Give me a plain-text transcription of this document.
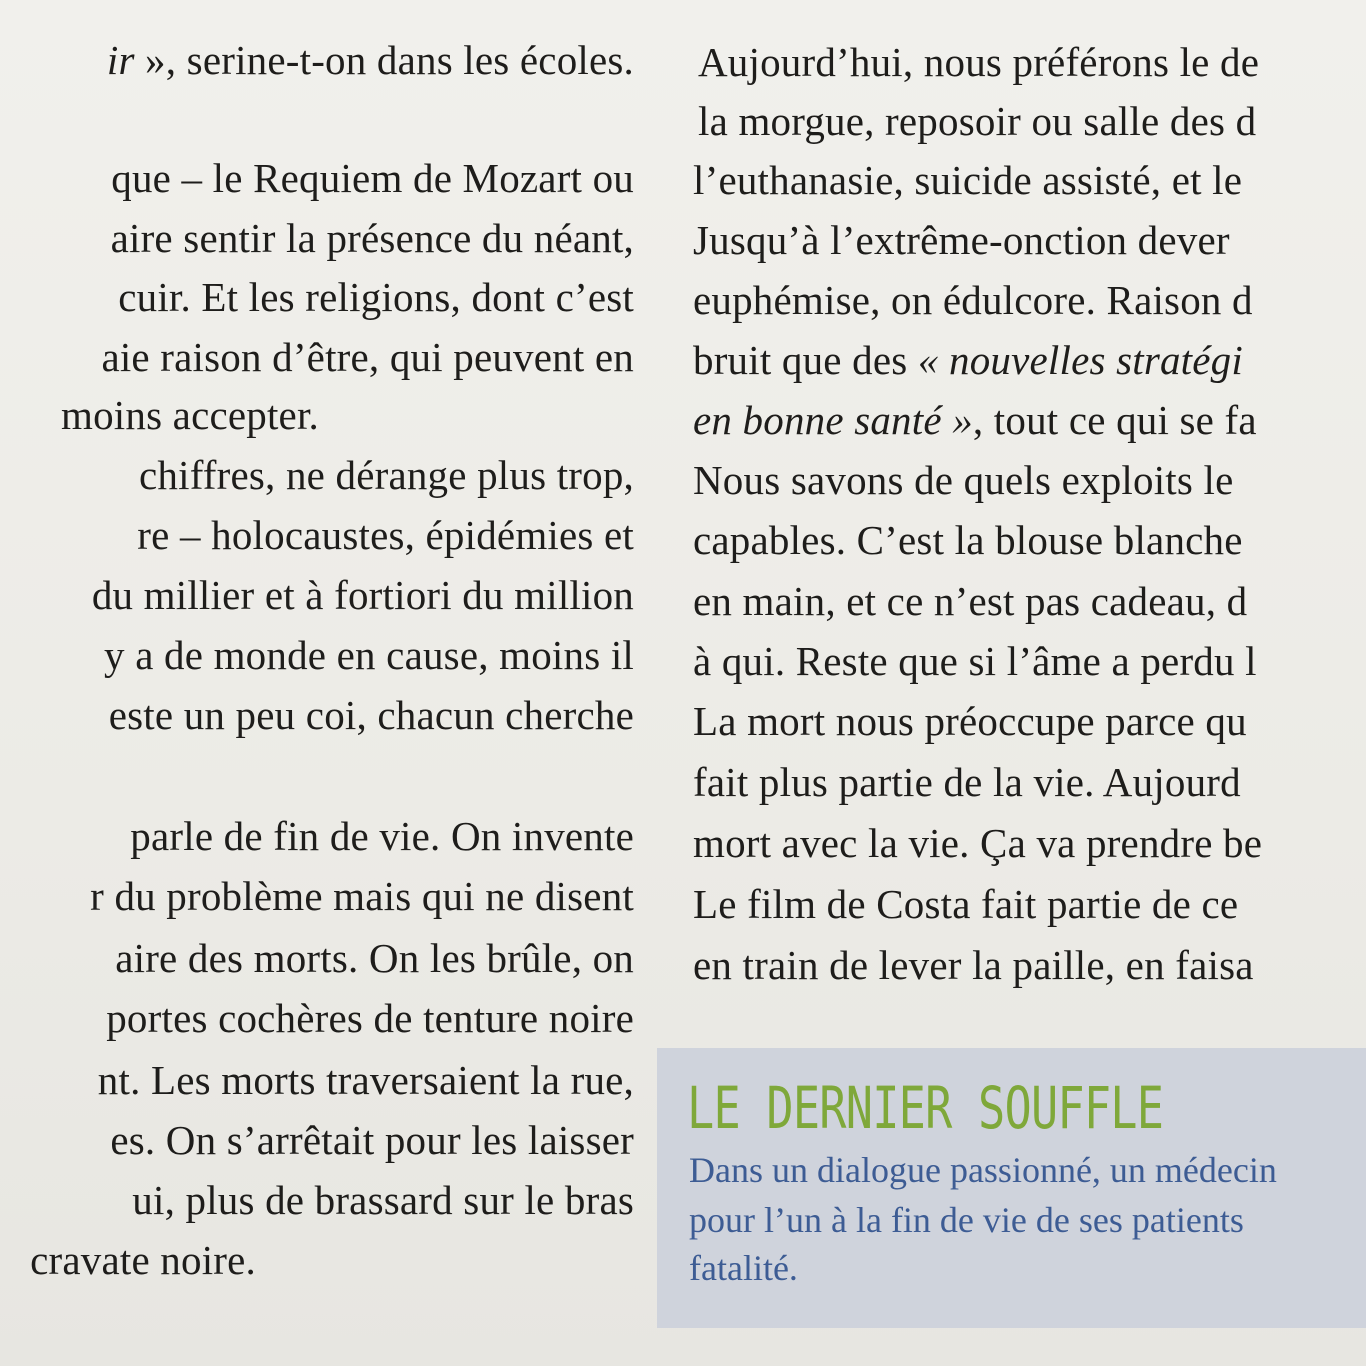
ir », serine-t-on dans les écoles.
que – le Requiem de Mozart ou
aire sentir la présence du néant,
cuir. Et les religions, dont c’est
aie raison d’être, qui peuvent en
moins accepter.
chiffres, ne dérange plus trop,
re – holocaustes, épidémies et
du millier et à fortiori du million
y a de monde en cause, moins il
este un peu coi, chacun cherche
parle de fin de vie. On invente
r du problème mais qui ne disent
aire des morts. On les brûle, on
portes cochères de tenture noire
nt. Les morts traversaient la rue,
es. On s’arrêtait pour les laisser
ui, plus de brassard sur le bras
cravate noire.
Aujourd’hui, nous préférons le de
la morgue, reposoir ou salle des d
l’euthanasie, suicide assisté, et le
Jusqu’à l’extrême-onction dever
euphémise, on édulcore. Raison d
bruit que des « nouvelles stratégi
en bonne santé », tout ce qui se fa
Nous savons de quels exploits le
capables. C’est la blouse blanche
en main, et ce n’est pas cadeau, d
à qui. Reste que si l’âme a perdu l
La mort nous préoccupe parce qu
fait plus partie de la vie. Aujourd
mort avec la vie. Ça va prendre be
Le film de Costa fait partie de ce
en train de lever la paille, en faisa
LE DERNIER SOUFFLE
Dans un dialogue passionné, un médecin
pour l’un à la fin de vie de ses patients
fatalité.
